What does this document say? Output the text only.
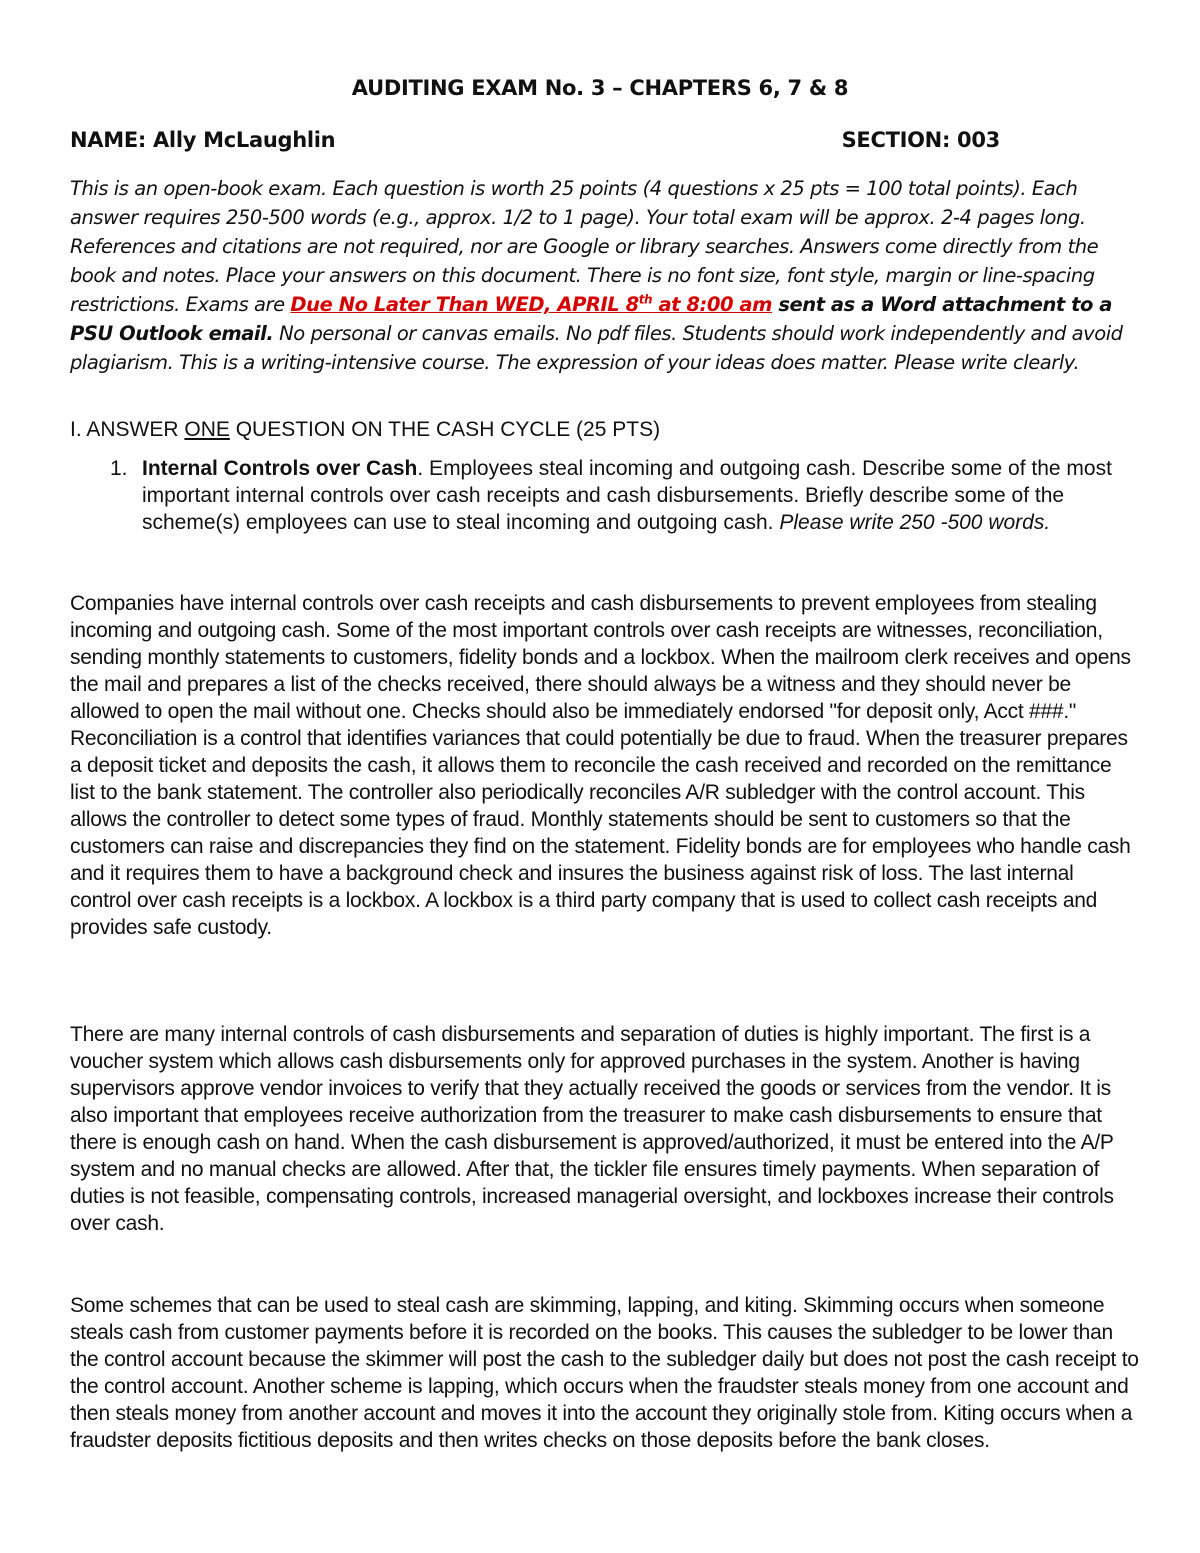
AUDITING EXAM No. 3 – CHAPTERS 6, 7 & 8
NAME: Ally McLaughlin	SECTION: 003
This is an open-book exam. Each question is worth 25 points (4 questions x 25 pts = 100 total points). Each answer requires 250-500 words (e.g., approx. 1/2 to 1 page). Your total exam will be approx. 2-4 pages long. References and citations are not required, nor are Google or library searches. Answers come directly from the book and notes. Place your answers on this document. There is no font size, font style, margin or line-spacing restrictions. Exams are Due No Later Than WED, APRIL 8th at 8:00 am sent as a Word attachment to a PSU Outlook email. No personal or canvas emails. No pdf files. Students should work independently and avoid plagiarism. This is a writing-intensive course. The expression of your ideas does matter. Please write clearly.
I. ANSWER ONE QUESTION ON THE CASH CYCLE (25 PTS)
1. Internal Controls over Cash. Employees steal incoming and outgoing cash. Describe some of the most important internal controls over cash receipts and cash disbursements. Briefly describe some of the scheme(s) employees can use to steal incoming and outgoing cash. Please write 250 -500 words.

Companies have internal controls over cash receipts and cash disbursements to prevent employees from stealing incoming and outgoing cash. Some of the most important controls over cash receipts are witnesses, reconciliation, sending monthly statements to customers, fidelity bonds and a lockbox. When the mailroom clerk receives and opens the mail and prepares a list of the checks received, there should always be a witness and they should never be allowed to open the mail without one. Checks should also be immediately endorsed "for deposit only, Acct ###." Reconciliation is a control that identifies variances that could potentially be due to fraud. When the treasurer prepares a deposit ticket and deposits the cash, it allows them to reconcile the cash received and recorded on the remittance list to the bank statement. The controller also periodically reconciles A/R subledger with the control account. This allows the controller to detect some types of fraud. Monthly statements should be sent to customers so that the customers can raise and discrepancies they find on the statement. Fidelity bonds are for employees who handle cash and it requires them to have a background check and insures the business against risk of loss. The last internal control over cash receipts is a lockbox. A lockbox is a third party company that is used to collect cash receipts and provides safe custody.

There are many internal controls of cash disbursements and separation of duties is highly important. The first is a voucher system which allows cash disbursements only for approved purchases in the system. Another is having supervisors approve vendor invoices to verify that they actually received the goods or services from the vendor. It is also important that employees receive authorization from the treasurer to make cash disbursements to ensure that there is enough cash on hand. When the cash disbursement is approved/authorized, it must be entered into the A/P system and no manual checks are allowed. After that, the tickler file ensures timely payments. When separation of duties is not feasible, compensating controls, increased managerial oversight, and lockboxes increase their controls over cash.

Some schemes that can be used to steal cash are skimming, lapping, and kiting. Skimming occurs when someone steals cash from customer payments before it is recorded on the books. This causes the subledger to be lower than the control account because the skimmer will post the cash to the subledger daily but does not post the cash receipt to the control account. Another scheme is lapping, which occurs when the fraudster steals money from one account and then steals money from another account and moves it into the account they originally stole from. Kiting occurs when a fraudster deposits fictitious deposits and then writes checks on those deposits before the bank closes.
